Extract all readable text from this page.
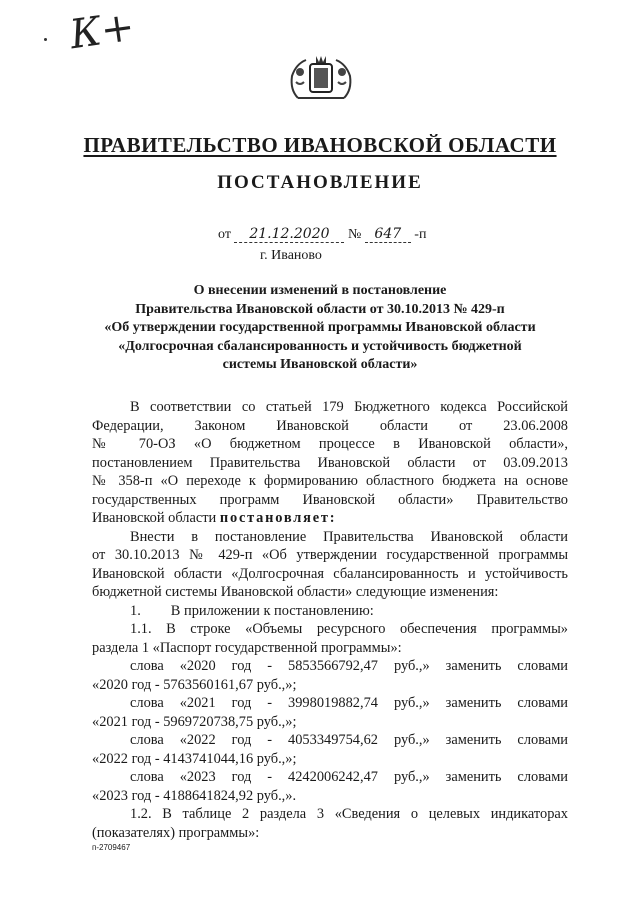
К+
ПРАВИТЕЛЬСТВО ИВАНОВСКОЙ ОБЛАСТИ
ПОСТАНОВЛЕНИЕ
от 21.12.2020 № 647 -п
г. Иваново
О внесении изменений в постановление
Правительства Ивановской области от 30.10.2013 № 429-п
«Об утверждении государственной программы Ивановской области
«Долгосрочная сбалансированность и устойчивость бюджетной
системы Ивановской области»

В соответствии со статьей 179 Бюджетного кодекса Российской

Федерации, Законом Ивановской области от 23.06.2008

№ 70-ОЗ «О бюджетном процессе в Ивановской области»,

постановлением Правительства Ивановской области от 03.09.2013

№ 358-п «О переходе к формированию областного бюджета на основе

государственных программ Ивановской области» Правительство

Ивановской области постановляет:

Внести в постановление Правительства Ивановской области

от 30.10.2013 № 429-п «Об утверждении государственной программы

Ивановской области «Долгосрочная сбалансированность и устойчивость

бюджетной системы Ивановской области» следующие изменения:

1. В приложении к постановлению:

1.1. В строке «Объемы ресурсного обеспечения программы»

раздела 1 «Паспорт государственной программы»:

слова «2020 год - 5853566792,47 руб.,» заменить словами

«2020 год - 5763560161,67 руб.,»;

слова «2021 год - 3998019882,74 руб.,» заменить словами

«2021 год - 5969720738,75 руб.,»;

слова «2022 год - 4053349754,62 руб.,» заменить словами

«2022 год - 4143741044,16 руб.,»;

слова «2023 год - 4242006242,47 руб.,» заменить словами

«2023 год - 4188641824,92 руб.,».

1.2. В таблице 2 раздела 3 «Сведения о целевых индикаторах

(показателях) программы»:

п-2709467
